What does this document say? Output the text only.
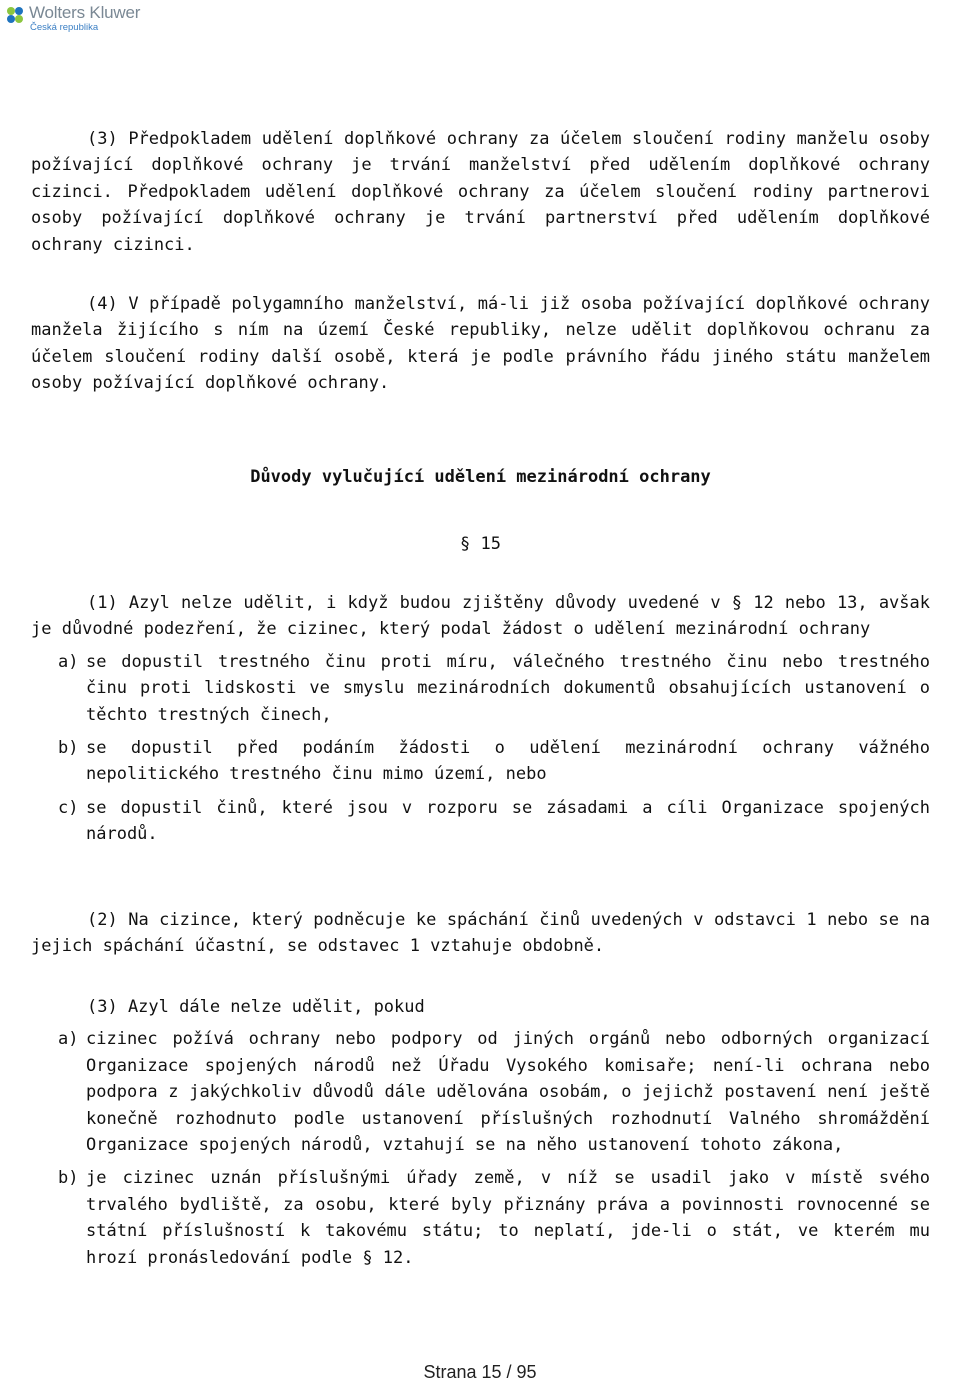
Wolters Kluwer
Česká republika

(3) Předpokladem udělení doplňkové ochrany za účelem sloučení rodiny manželu osoby požívající doplňkové ochrany je trvání manželství před udělením doplňkové ochrany cizinci. Předpokladem udělení doplňkové ochrany za účelem sloučení rodiny partnerovi osoby požívající doplňkové ochrany je trvání partnerství před udělením doplňkové ochrany cizinci.

(4) V případě polygamního manželství, má-li již osoba požívající doplňkové ochrany manžela žijícího s ním na území České republiky, nelze udělit doplňkovou ochranu za účelem sloučení rodiny další osobě, která je podle právního řádu jiného státu manželem osoby požívající doplňkové ochrany.

Důvody vylučující udělení mezinárodní ochrany

§ 15

(1) Azyl nelze udělit, i když budou zjištěny důvody uvedené v § 12 nebo 13, avšak je důvodné podezření, že cizinec, který podal žádost o udělení mezinárodní ochrany

a) se dopustil trestného činu proti míru, válečného trestného činu nebo trestného činu proti lidskosti ve smyslu mezinárodních dokumentů obsahujících ustanovení o těchto trestných činech,
b) se dopustil před podáním žádosti o udělení mezinárodní ochrany vážného nepolitického trestného činu mimo území, nebo
c) se dopustil činů, které jsou v rozporu se zásadami a cíli Organizace spojených národů.

(2) Na cizince, který podněcuje ke spáchání činů uvedených v odstavci 1 nebo se na jejich spáchání účastní, se odstavec 1 vztahuje obdobně.

(3) Azyl dále nelze udělit, pokud

a) cizinec požívá ochrany nebo podpory od jiných orgánů nebo odborných organizací Organizace spojených národů než Úřadu Vysokého komisaře; není-li ochrana nebo podpora z jakýchkoliv důvodů dále udělována osobám, o jejichž postavení není ještě konečně rozhodnuto podle ustanovení příslušných rozhodnutí Valného shromáždění Organizace spojených národů, vztahují se na něho ustanovení tohoto zákona,
b) je cizinec uznán příslušnými úřady země, v níž se usadil jako v místě svého trvalého bydliště, za osobu, které byly přiznány práva a povinnosti rovnocenné se státní příslušností k takovému státu; to neplatí, jde-li o stát, ve kterém mu hrozí pronásledování podle § 12.
Strana 15 / 95
